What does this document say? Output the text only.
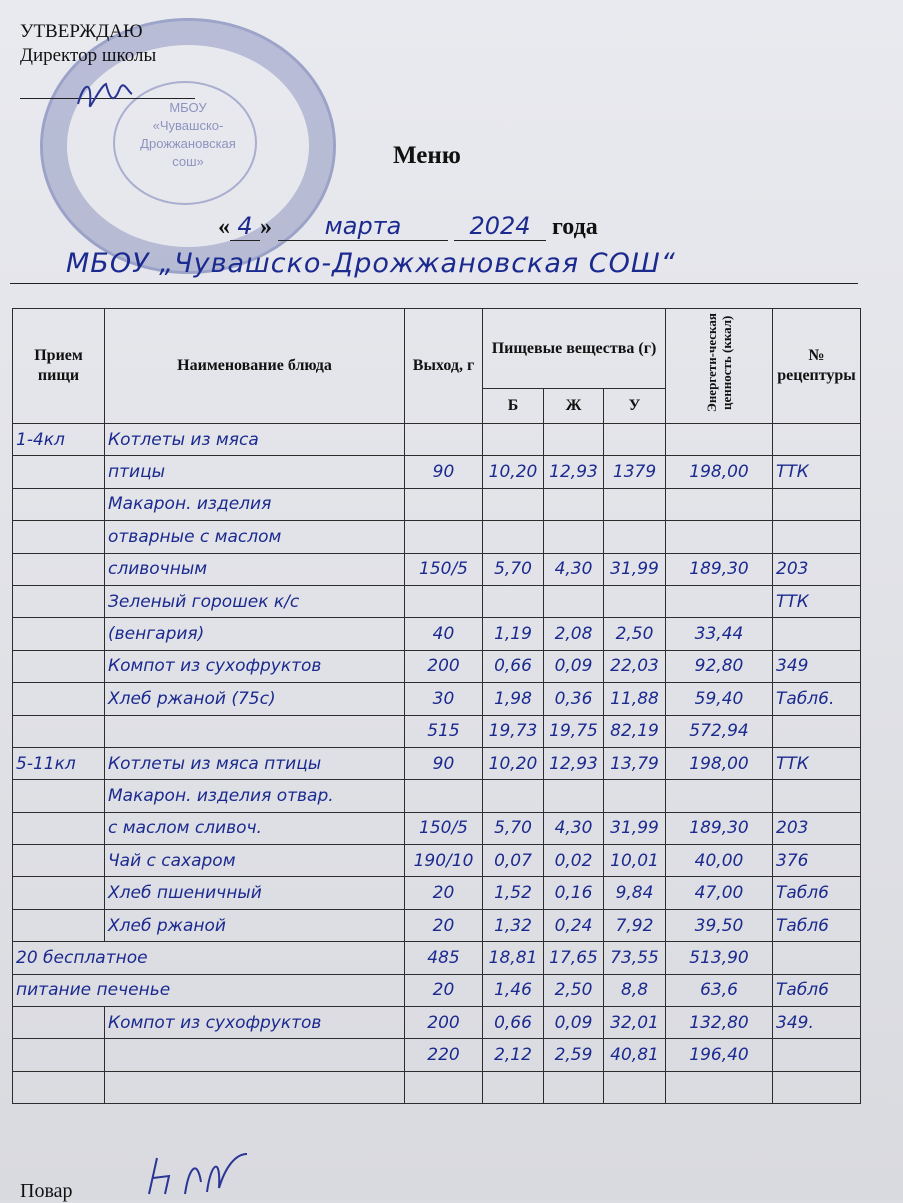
МБОУ «Чувашско-Дрожжановская сош»
УТВЕРЖДАЮ
Директор школы
Меню
« 4 » марта	2024 года
МБОУ „Чувашско-Дрожжановская СОШ“
Прием пищи	Наименование блюда	Выход, г	Пищевые вещества (г)			Энергети-ческая ценность (ккал)	№ рецептуры
			Б	Ж	У		
1-4кл	Котлеты из мяса						
	птицы	90	10,20	12,93	1379	198,00	ТТК
	Макарон. изделия						
	отварные с маслом						
	сливочным	150/5	5,70	4,30	31,99	189,30	203
	Зеленый горошек к/с						ТТК
	(венгария)	40	1,19	2,08	2,50	33,44	
	Компот из сухофруктов	200	0,66	0,09	22,03	92,80	349
	Хлеб ржаной (75с)	30	1,98	0,36	11,88	59,40	Табл6.
		515	19,73	19,75	82,19	572,94	
5-11кл	Котлеты из мяса птицы	90	10,20	12,93	13,79	198,00	ТТК
	Макарон. изделия отвар.						
	с маслом сливоч.	150/5	5,70	4,30	31,99	189,30	203
	Чай с сахаром	190/10	0,07	0,02	10,01	40,00	376
	Хлеб пшеничный	20	1,52	0,16	9,84	47,00	Табл6
	Хлеб ржаной	20	1,32	0,24	7,92	39,50	Табл6
20 бесплатное		485	18,81	17,65	73,55	513,90	
питание печенье		20	1,46	2,50	8,8	63,6	Табл6
	Компот из сухофруктов	200	0,66	0,09	32,01	132,80	349.
		220	2,12	2,59	40,81	196,40	

Повар
